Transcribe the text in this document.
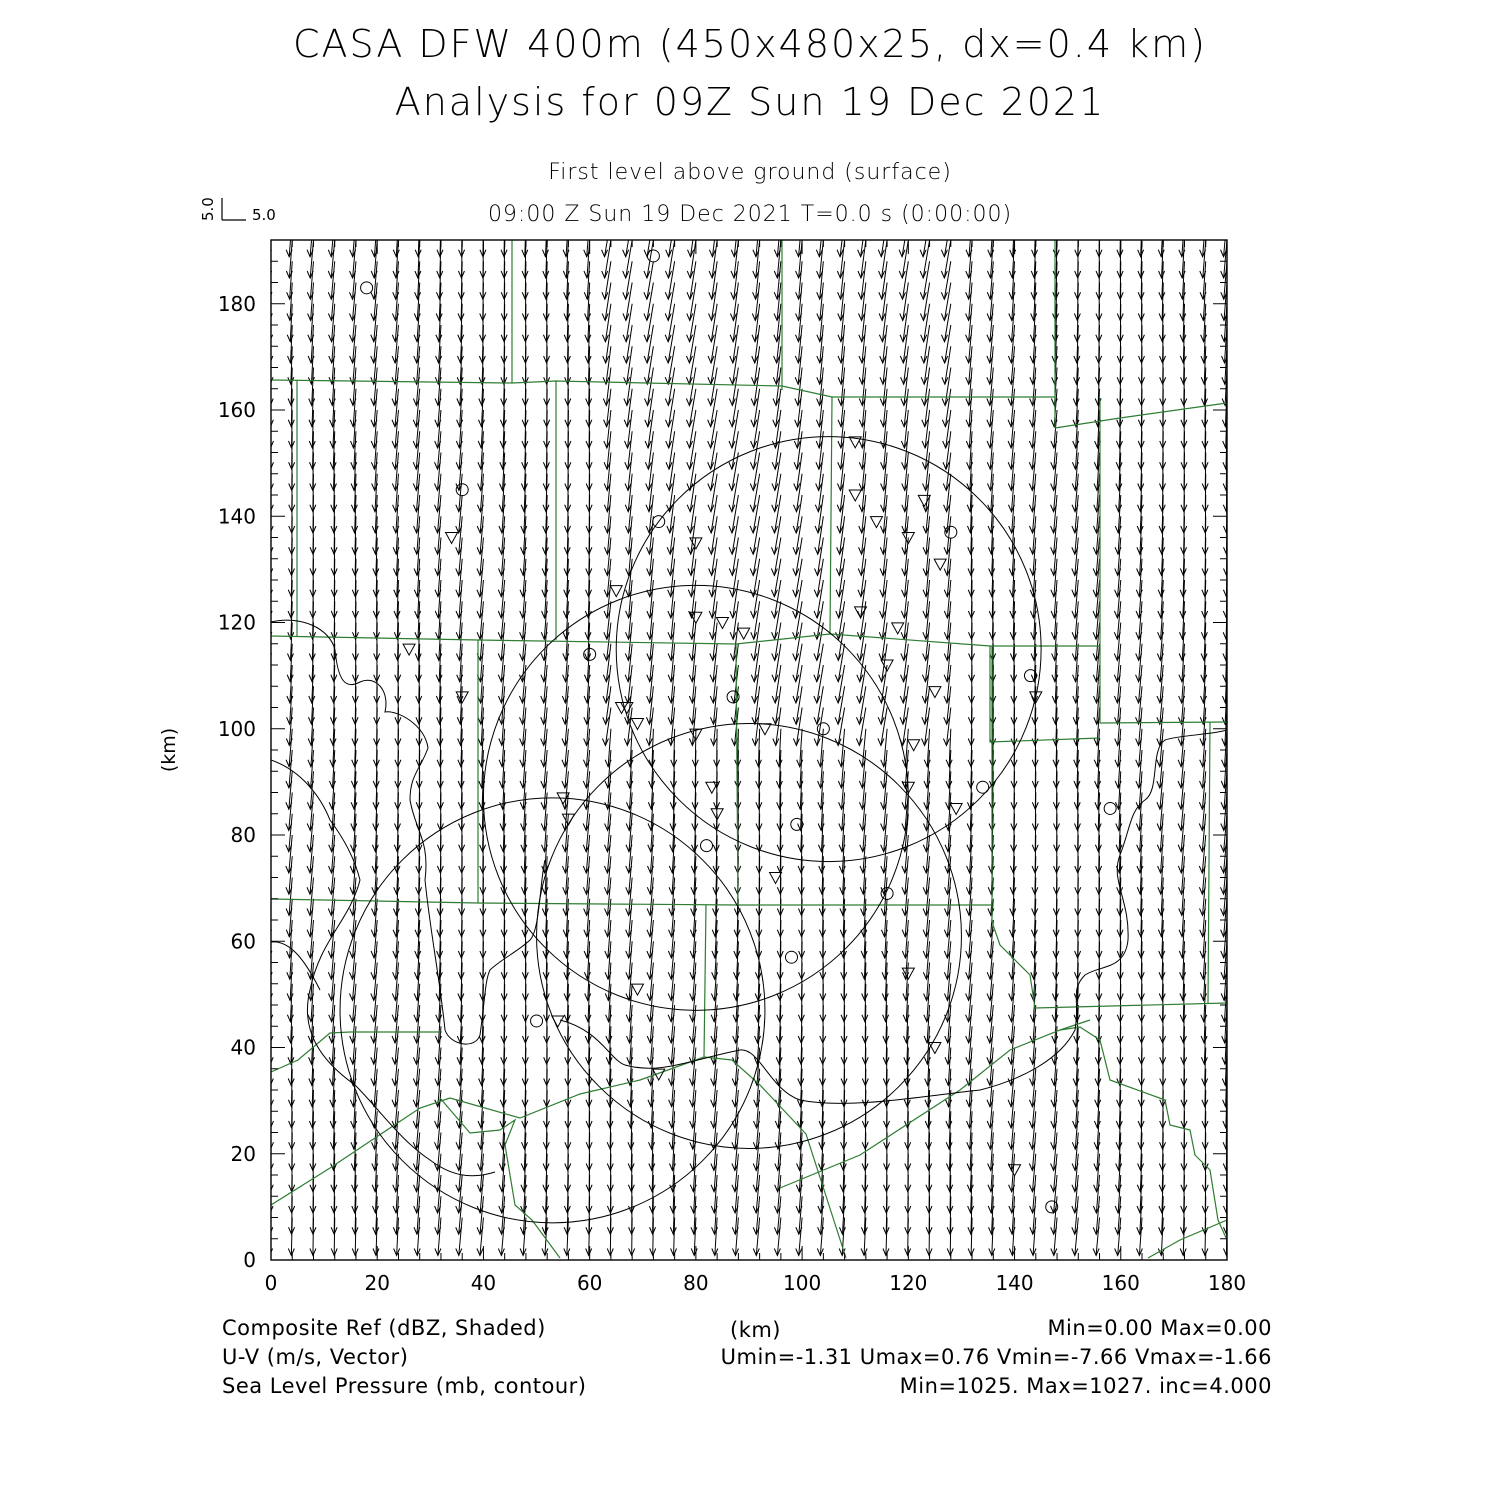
CASA DFW 400m (450x480x25, dx=0.4 km)
Analysis for 09Z Sun 19 Dec 2021
First level above ground (surface)
09:00 Z Sun 19 Dec 2021 T=0.0 s (0:00:00)
0	20	40	60	80	100	120	140	160	180
0
20
40
60
80
100
120
140
160
180
(km)
5.0 5.0
Composite Ref (dBZ, Shaded)	(km)	Min=0.00 Max=0.00
U-V (m/s, Vector)	Umin=-1.31 Umax=0.76 Vmin=-7.66 Vmax=-1.66
Sea Level Pressure (mb, contour)	Min=1025. Max=1027. inc=4.000
